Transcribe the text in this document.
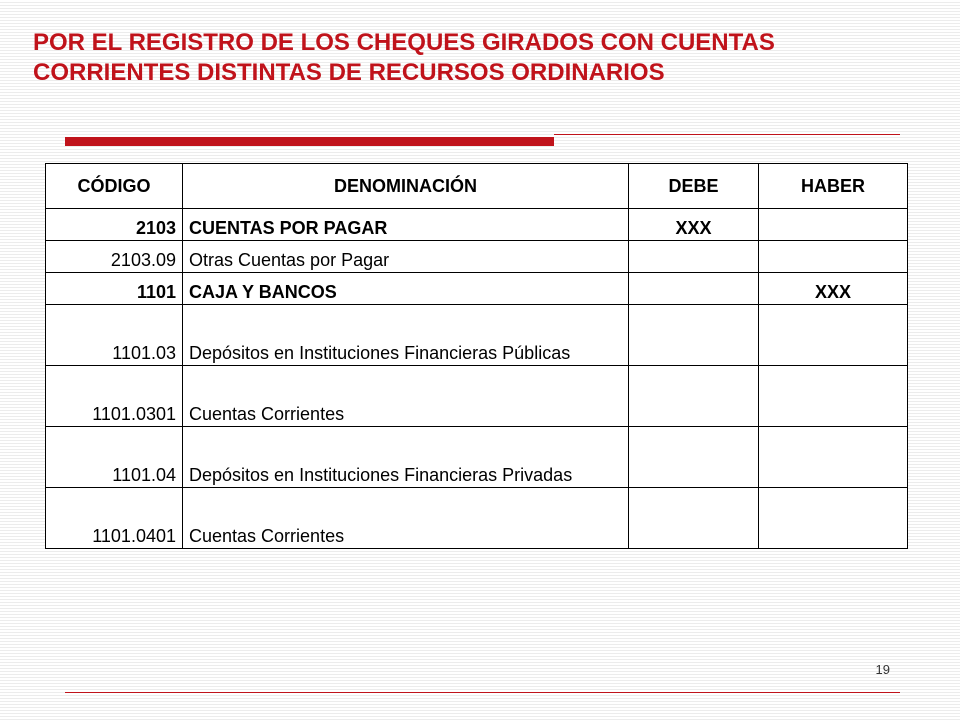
POR EL REGISTRO DE LOS CHEQUES GIRADOS CON CUENTAS
CORRIENTES DISTINTAS DE RECURSOS ORDINARIOS
CÓDIGO	DENOMINACIÓN	DEBE	HABER
2103	CUENTAS POR PAGAR	XXX	
2103.09	Otras Cuentas por Pagar		
1101	CAJA Y BANCOS		XXX
1101.03	Depósitos en Instituciones Financieras Públicas		
1101.0301	Cuentas Corrientes		
1101.04	Depósitos en Instituciones Financieras Privadas		
1101.0401	Cuentas Corrientes		
19
